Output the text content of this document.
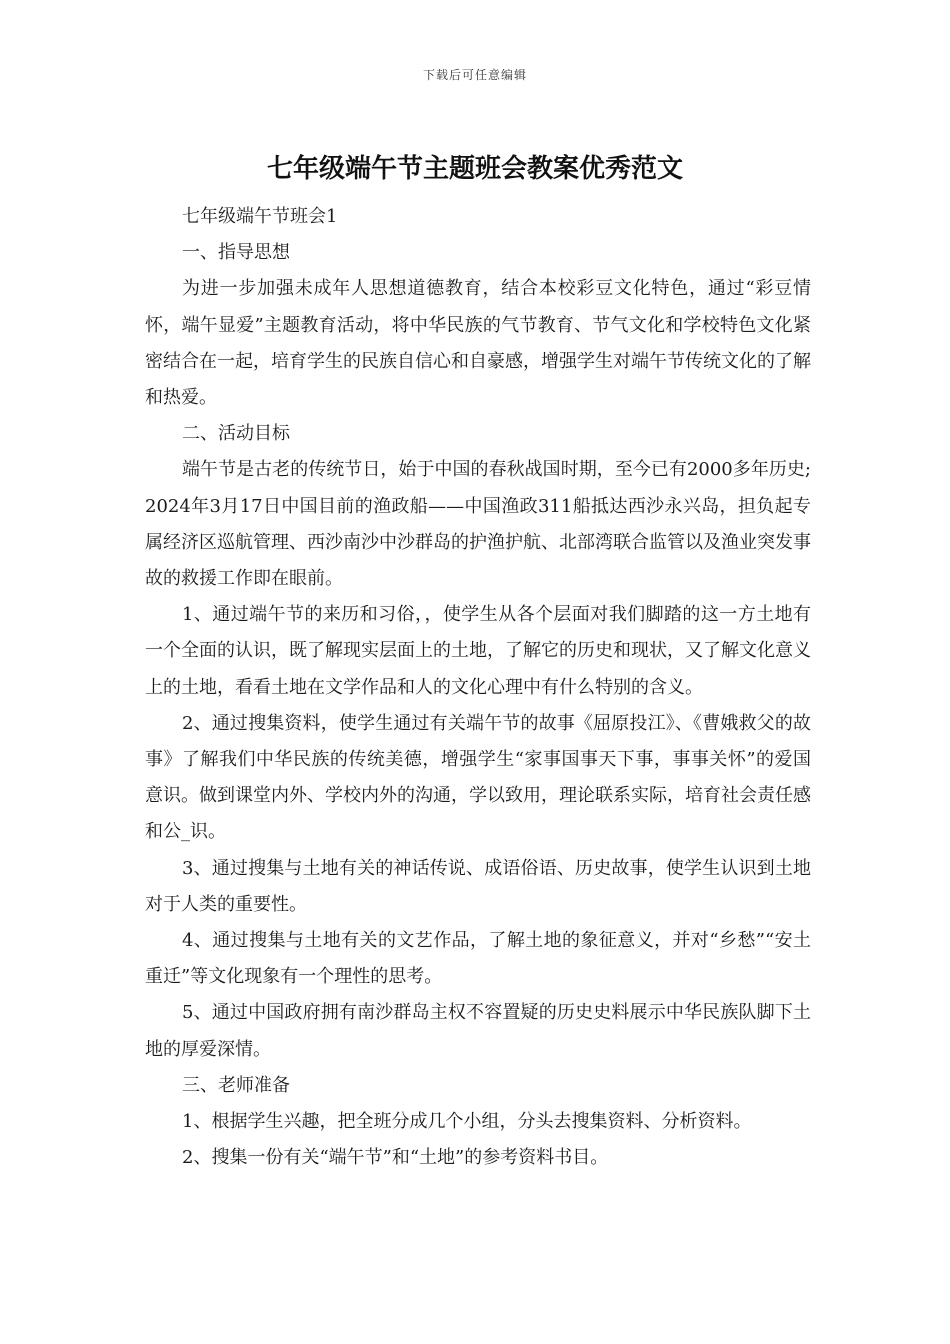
下载后可任意编辑
七年级端午节主题班会教案优秀范文

七年级端午节班会1

一、指导思想

为进一步加强未成年人思想道德教育，结合本校彩豆文化特色，通过“彩豆情怀，端午显爱”主题教育活动，将中华民族的气节教育、节气文化和学校特色文化紧密结合在一起，培育学生的民族自信心和自豪感，增强学生对端午节传统文化的了解和热爱。

二、活动目标

端午节是古老的传统节日，始于中国的春秋战国时期，至今已有2000多年历史;2024年3月17日中国目前的渔政船——中国渔政311船抵达西沙永兴岛，担负起专属经济区巡航管理、西沙南沙中沙群岛的护渔护航、北部湾联合监管以及渔业突发事故的救援工作即在眼前。

1、通过端午节的来历和习俗，，使学生从各个层面对我们脚踏的这一方土地有一个全面的认识，既了解现实层面上的土地，了解它的历史和现状，又了解文化意义上的土地，看看土地在文学作品和人的文化心理中有什么特别的含义。

2、通过搜集资料，使学生通过有关端午节的故事《屈原投江》、《曹娥救父的故事》了解我们中华民族的传统美德，增强学生“家事国事天下事，事事关怀”的爱国意识。做到课堂内外、学校内外的沟通，学以致用，理论联系实际，培育社会责任感和公_识。

3、通过搜集与土地有关的神话传说、成语俗语、历史故事，使学生认识到土地对于人类的重要性。

4、通过搜集与土地有关的文艺作品，了解土地的象征意义，并对“乡愁”“安土重迁”等文化现象有一个理性的思考。

5、通过中国政府拥有南沙群岛主权不容置疑的历史史料展示中华民族队脚下土地的厚爱深情。

三、老师准备

1、根据学生兴趣，把全班分成几个小组，分头去搜集资料、分析资料。

2、搜集一份有关“端午节”和“土地”的参考资料书目。
